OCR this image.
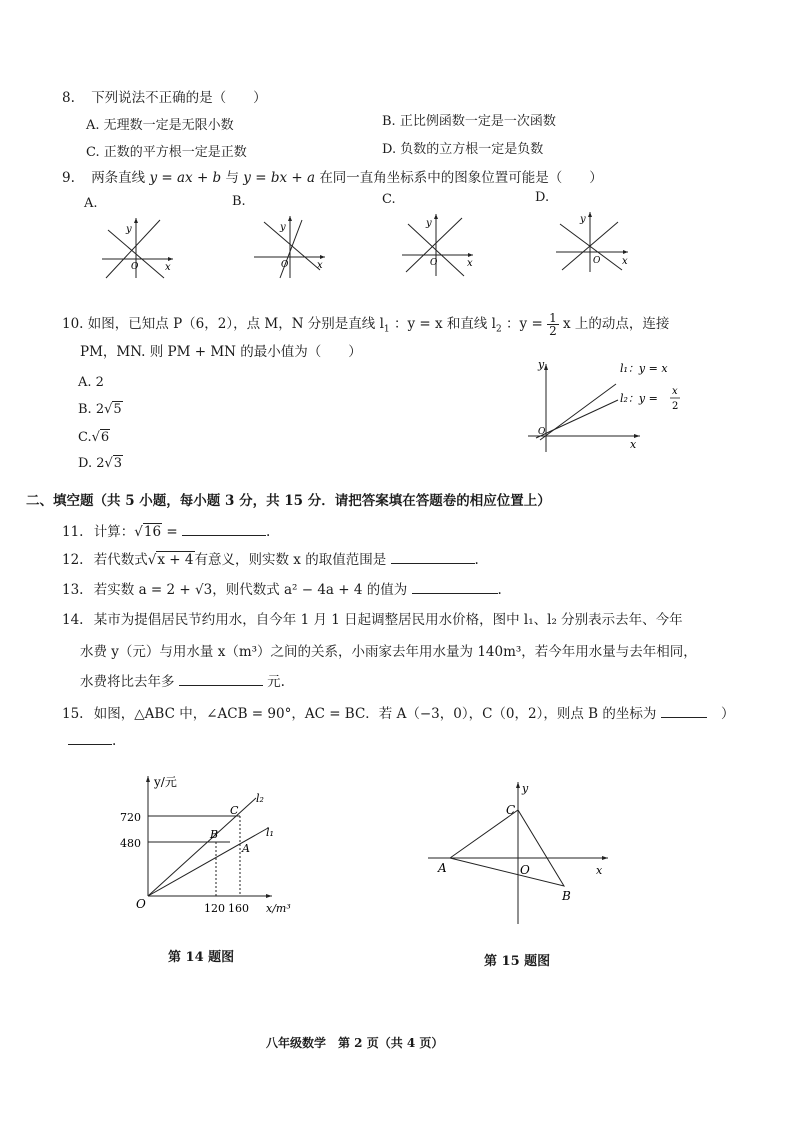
8. 下列说法不正确的是（　　）
A. 无理数一定是无限小数	B. 正比例函数一定是一次函数
C. 正数的平方根一定是正数	D. 负数的立方根一定是负数
9. 两条直线 y = ax + b 与 y = bx + a 在同一直角坐标系中的图象位置可能是（　　）
A.	B.	C.	D.
y
x
O
y
x
O
y
x
O
y
x
O
10. 如图，已知点 P（6，2），点 M，N 分别是直线 $l_1$ ：y = x 和直线 $l_2$ ：$y = \frac{1}{2}$ x 上的动点，连接
PM，MN. 则 PM + MN 的最小值为（　　）
A. 2
B. 2√5
C.√6
D. 2√3
y
x
O
l₁：y = x
l₂：y =
x
2
二、填空题（共 5 小题，每小题 3 分，共 15 分．请把答案填在答题卷的相应位置上）
11. 计算：√16 =	.
12. 若代数式√x + 4有意义，则实数 x 的取值范围是	.
13. 若实数 a = 2 + √3，则代数式 a² − 4a + 4 的值为	.
14. 某市为提倡居民节约用水，自今年 1 月 1 日起调整居民用水价格，图中 l₁、l₂ 分别表示去年、今年
水费 y（元）与用水量 x（m³）之间的关系，小雨家去年用水量为 140m³，若今年用水量与去年相同，
水费将比去年多	元.
15. 如图，△ABC 中，∠ACB = 90°，AC = BC．若 A（−3，0），C（0，2），则点 B 的坐标为	）
.
y/元
x/m³
720
480
120 160
O
A
B
C
l₁
l₂
第 14 题图
y
x
A
B
C
O
第 15 题图
八年级数学　第 2 页（共 4 页）
